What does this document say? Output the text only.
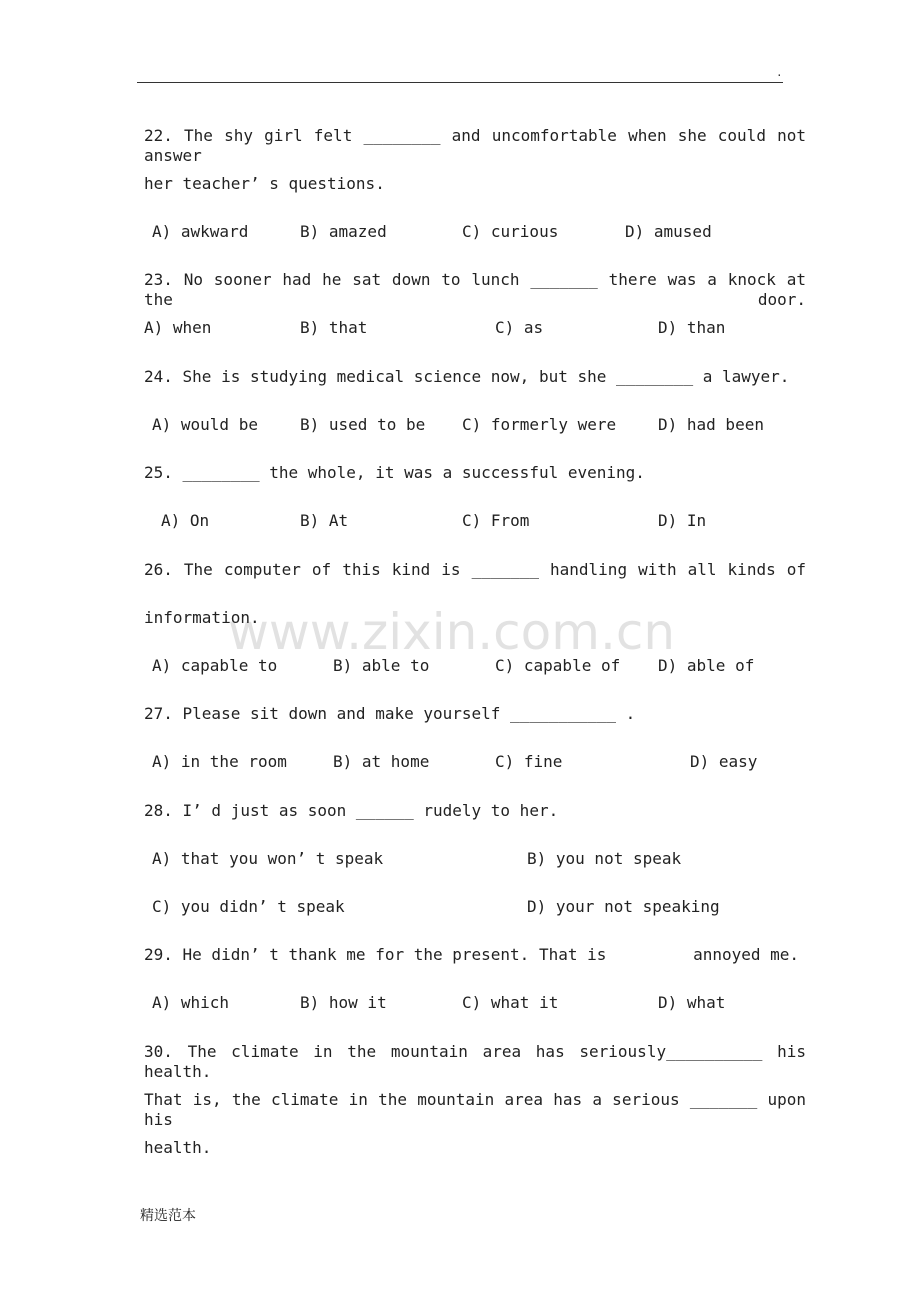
.
www.zixin.com.cn
22. The shy girl felt ________ and uncomfortable when she could not answer
her teacher’ s questions.
A) awkward	B) amazed	C) curious	D) amused
23. No sooner had he sat down to lunch _______ there was a knock at the door.
A) when	B) that	C) as	D) than
24. She is studying medical science now, but she ________ a lawyer.
A) would be	B) used to be C) formerly were	D) had been
25. ________ the whole, it was a successful evening.
A) On	B) At	C) From	D) In
26. The computer of this kind is _______ handling with all kinds of
information.
A) capable to	B) able to	C) capable of D) able of
27. Please sit down and make yourself ___________ .
A) in the room	B) at home	C) fine	D) easy
28. I’ d just as soon ______ rudely to her.
A) that you won’ t speak	B) you not speak
C) you didn’ t speak	D) your not speaking
29. He didn’ t thank me for the present. That is         annoyed me.
A) which	B) how it	C) what it	D) what
30. The climate in the mountain area has seriously__________ his health.
That is, the climate in the mountain area has a serious _______ upon his
health.
精选范本
